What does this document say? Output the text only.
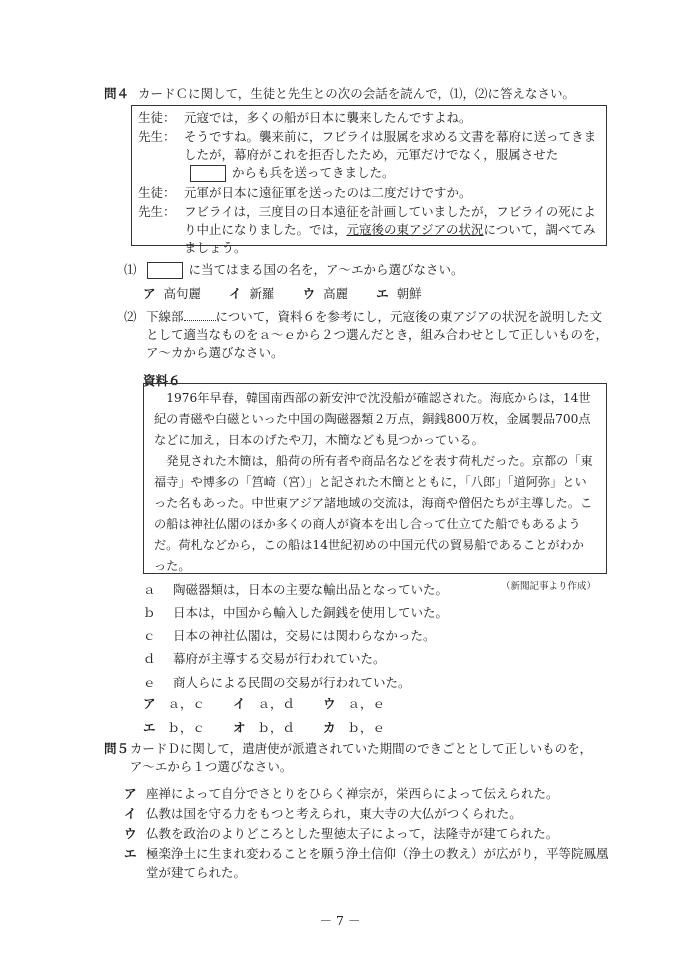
問４ カードＣに関して，生徒と先生との次の会話を読んで，⑴，⑵に答えなさい。
生徒： 元寇では，多くの船が日本に襲来したんですよね。
先生： そうですね。襲来前に，フビライは服属を求める文書を幕府に送ってきましたが，幕府がこれを拒否したため，元軍だけでなく，服属させたからも兵を送ってきました。
生徒： 元軍が日本に遠征軍を送ったのは二度だけですか。
先生： フビライは，三度目の日本遠征を計画していましたが，フビライの死により中止になりました。では，元寇後の東アジアの状況について，調べてみましょう。
⑴	に当てはまる国の名を，ア～エから選びなさい。
ア 高句麗 イ 新羅 ウ 高麗 エ 朝鮮
⑵ 下線部	について，資料６を参考にし，元寇後の東アジアの状況を説明した文として適当なものをａ～ｅから２つ選んだとき，組み合わせとして正しいものを，ア～カから選びなさい。
資料６

1976年早春，韓国南西部の新安沖で沈没船が確認された。海底からは，14世紀の青磁や白磁といった中国の陶磁器類２万点，銅銭800万枚，金属製品700点などに加え，日本のげたや刀，木簡なども見つかっている。

発見された木簡は，船荷の所有者や商品名などを表す荷札だった。京都の「東福寺」や博多の「筥崎（宮）」と記された木簡とともに，「八郎」「道阿弥」といった名もあった。中世東アジア諸地域の交流は，海商や僧侶たちが主導した。この船は神社仏閣のほか多くの商人が資本を出し合って仕立てた船でもあるようだ。荷札などから，この船は14世紀初めの中国元代の貿易船であることがわかった。

（新聞記事より作成）
ａ	陶磁器類は，日本の主要な輸出品となっていた。
ｂ	日本は，中国から輸入した銅銭を使用していた。
ｃ	日本の神社仏閣は，交易には関わらなかった。
ｄ	幕府が主導する交易が行われていた。
ｅ	商人らによる民間の交易が行われていた。
ア ａ，ｃ	イ ａ，ｄ	ウ ａ，ｅ
エ ｂ，ｃ	オ ｂ，ｄ	カ ｂ，ｅ
問５ カードＤに関して，遣唐使が派遣されていた期間のできごととして正しいものを，ア～エから１つ選びなさい。
ア 座禅によって自分でさとりをひらく禅宗が，栄西らによって伝えられた。
イ 仏教は国を守る力をもつと考えられ，東大寺の大仏がつくられた。
ウ 仏教を政治のよりどころとした聖徳太子によって，法隆寺が建てられた。
エ 極楽浄土に生まれ変わることを願う浄土信仰（浄土の教え）が広がり，平等院鳳凰堂が建てられた。
－ 7 －
